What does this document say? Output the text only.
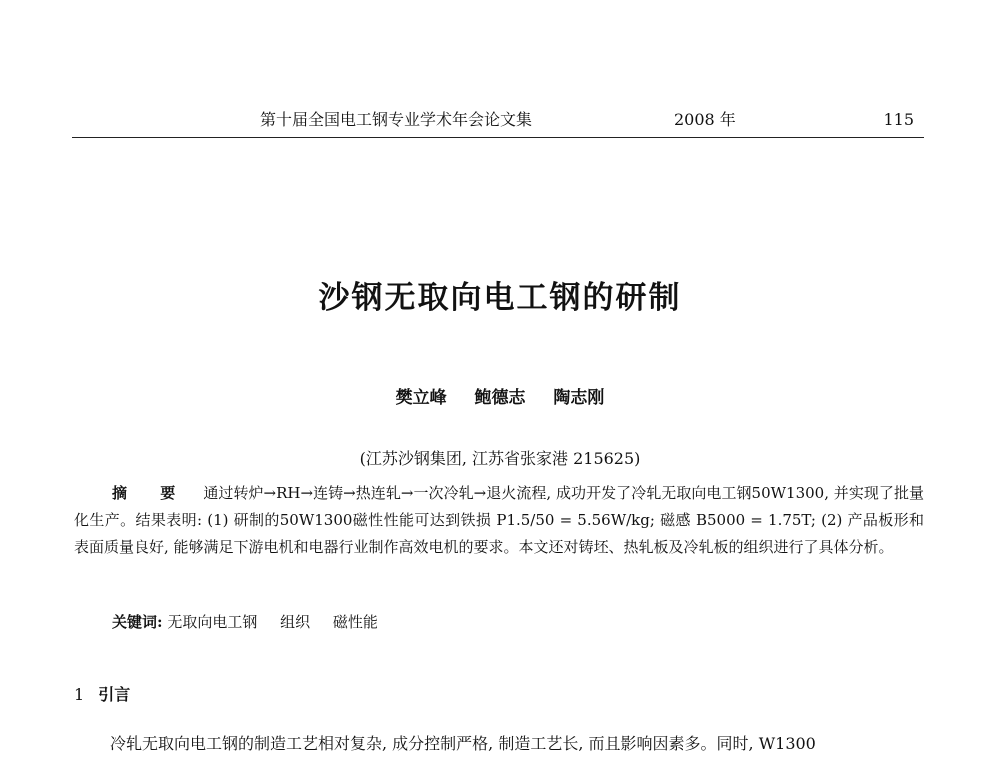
第十届全国电工钢专业学术年会论文集	2008 年	115
沙钢无取向电工钢的研制
樊立峰 鲍德志 陶志刚
(江苏沙钢集团, 江苏省张家港 215625)
摘 要 通过转炉→RH→连铸→热连轧→一次冷轧→退火流程, 成功开发了冷轧无取向电工钢50W1300, 并实现了批量化生产。结果表明: (1) 研制的50W1300磁性性能可达到铁损 P1.5/50 = 5.56W/kg; 磁感 B5000 = 1.75T; (2) 产品板形和表面质量良好, 能够满足下游电机和电器行业制作高效电机的要求。本文还对铸坯、热轧板及冷轧板的组织进行了具体分析。
关键词: 无取向电工钢 组织 磁性能
1 引言
冷轧无取向电工钢的制造工艺相对复杂, 成分控制严格, 制造工艺长, 而且影响因素多。同时, W1300
